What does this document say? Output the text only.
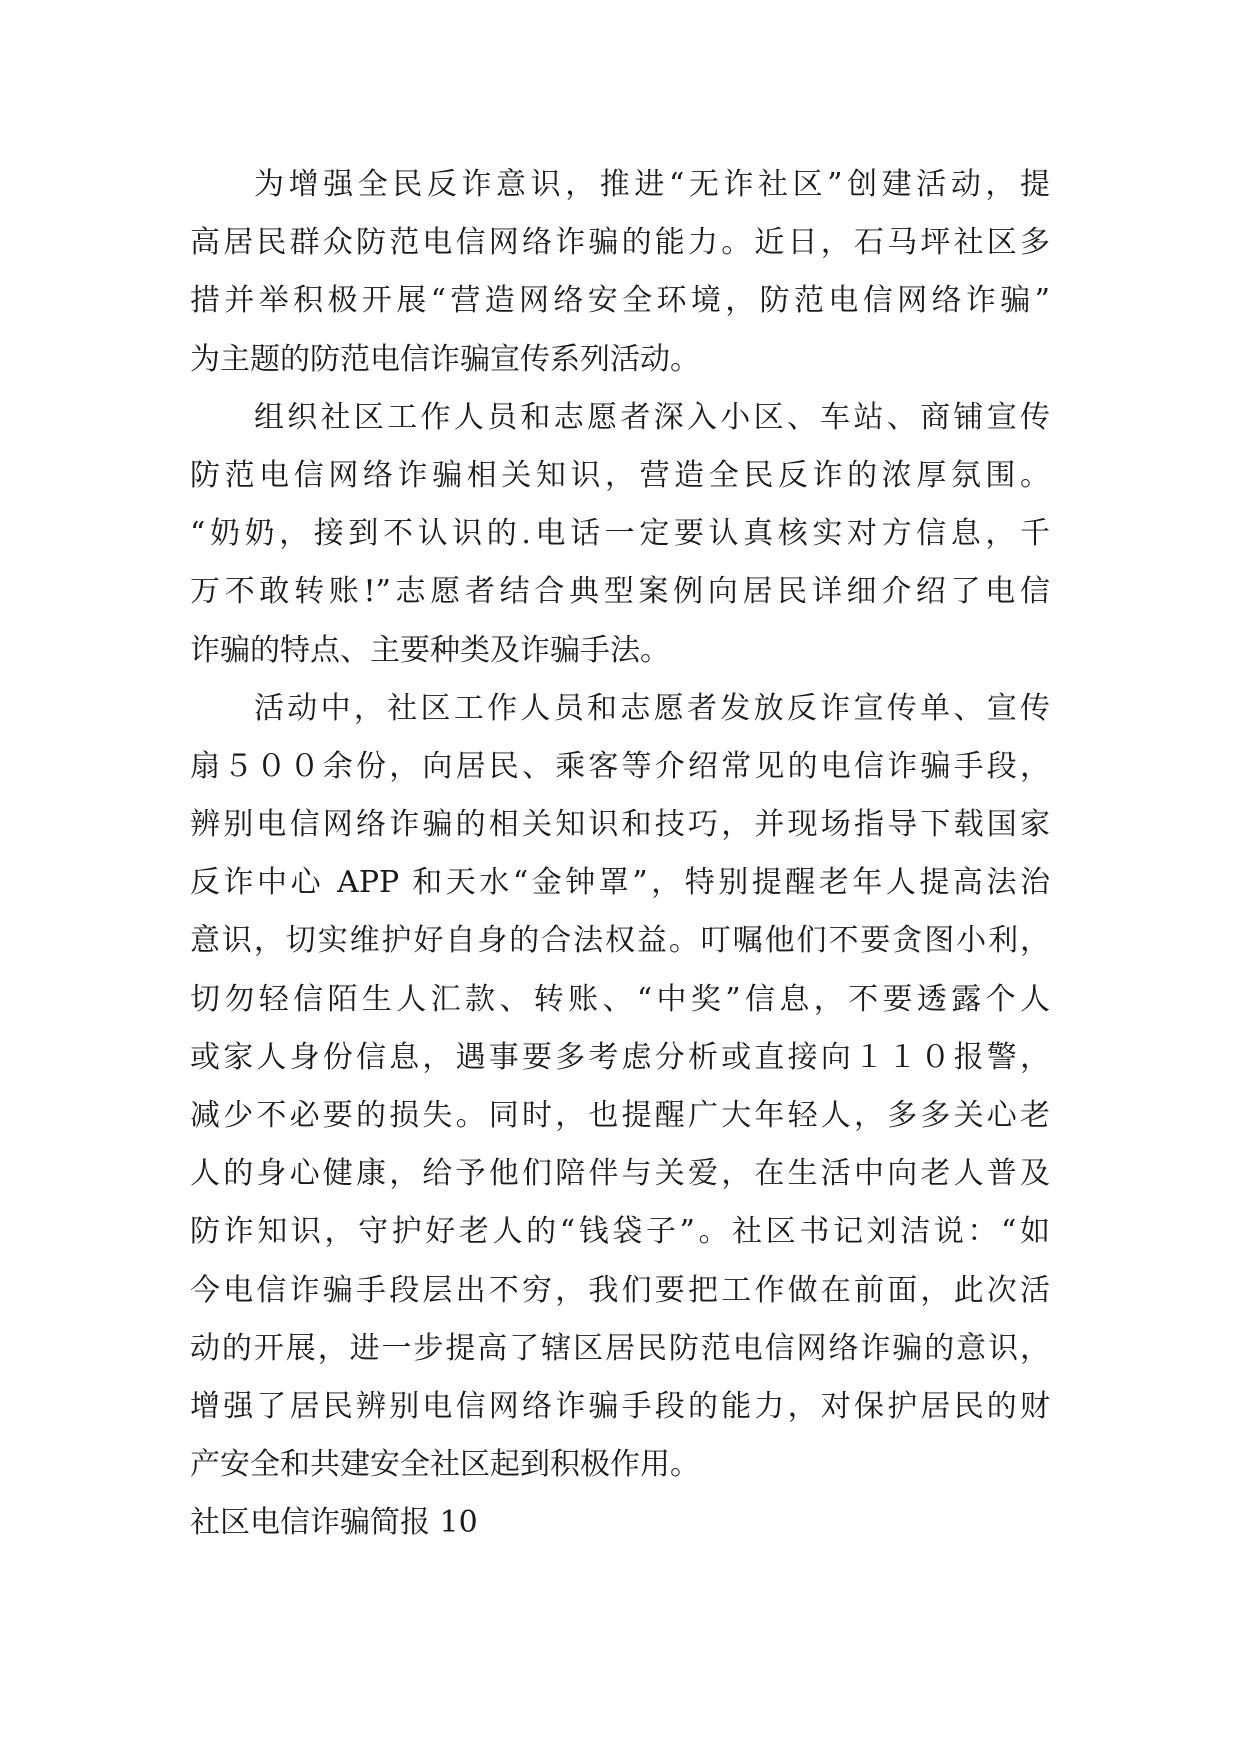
为增强全民反诈意识，推进“无诈社区”创建活动，提
高居民群众防范电信网络诈骗的能力。近日，石马坪社区多
措并举积极开展“营造网络安全环境，防范电信网络诈骗”
为主题的防范电信诈骗宣传系列活动。
组织社区工作人员和志愿者深入小区、车站、商铺宣传
防范电信网络诈骗相关知识，营造全民反诈的浓厚氛围。
“奶奶，接到不认识的.电话一定要认真核实对方信息，千
万不敢转账!”志愿者结合典型案例向居民详细介绍了电信
诈骗的特点、主要种类及诈骗手法。
活动中，社区工作人员和志愿者发放反诈宣传单、宣传
扇５００余份，向居民、乘客等介绍常见的电信诈骗手段，
辨别电信网络诈骗的相关知识和技巧，并现场指导下载国家
反诈中心 APP 和天水“金钟罩”，特别提醒老年人提高法治
意识，切实维护好自身的合法权益。叮嘱他们不要贪图小利，
切勿轻信陌生人汇款、转账、“中奖”信息，不要透露个人
或家人身份信息，遇事要多考虑分析或直接向１１０报警，
减少不必要的损失。同时，也提醒广大年轻人，多多关心老
人的身心健康，给予他们陪伴与关爱，在生活中向老人普及
防诈知识，守护好老人的“钱袋子”。社区书记刘洁说：“如
今电信诈骗手段层出不穷，我们要把工作做在前面，此次活
动的开展，进一步提高了辖区居民防范电信网络诈骗的意识，
增强了居民辨别电信网络诈骗手段的能力，对保护居民的财
产安全和共建安全社区起到积极作用。
社区电信诈骗简报 10
